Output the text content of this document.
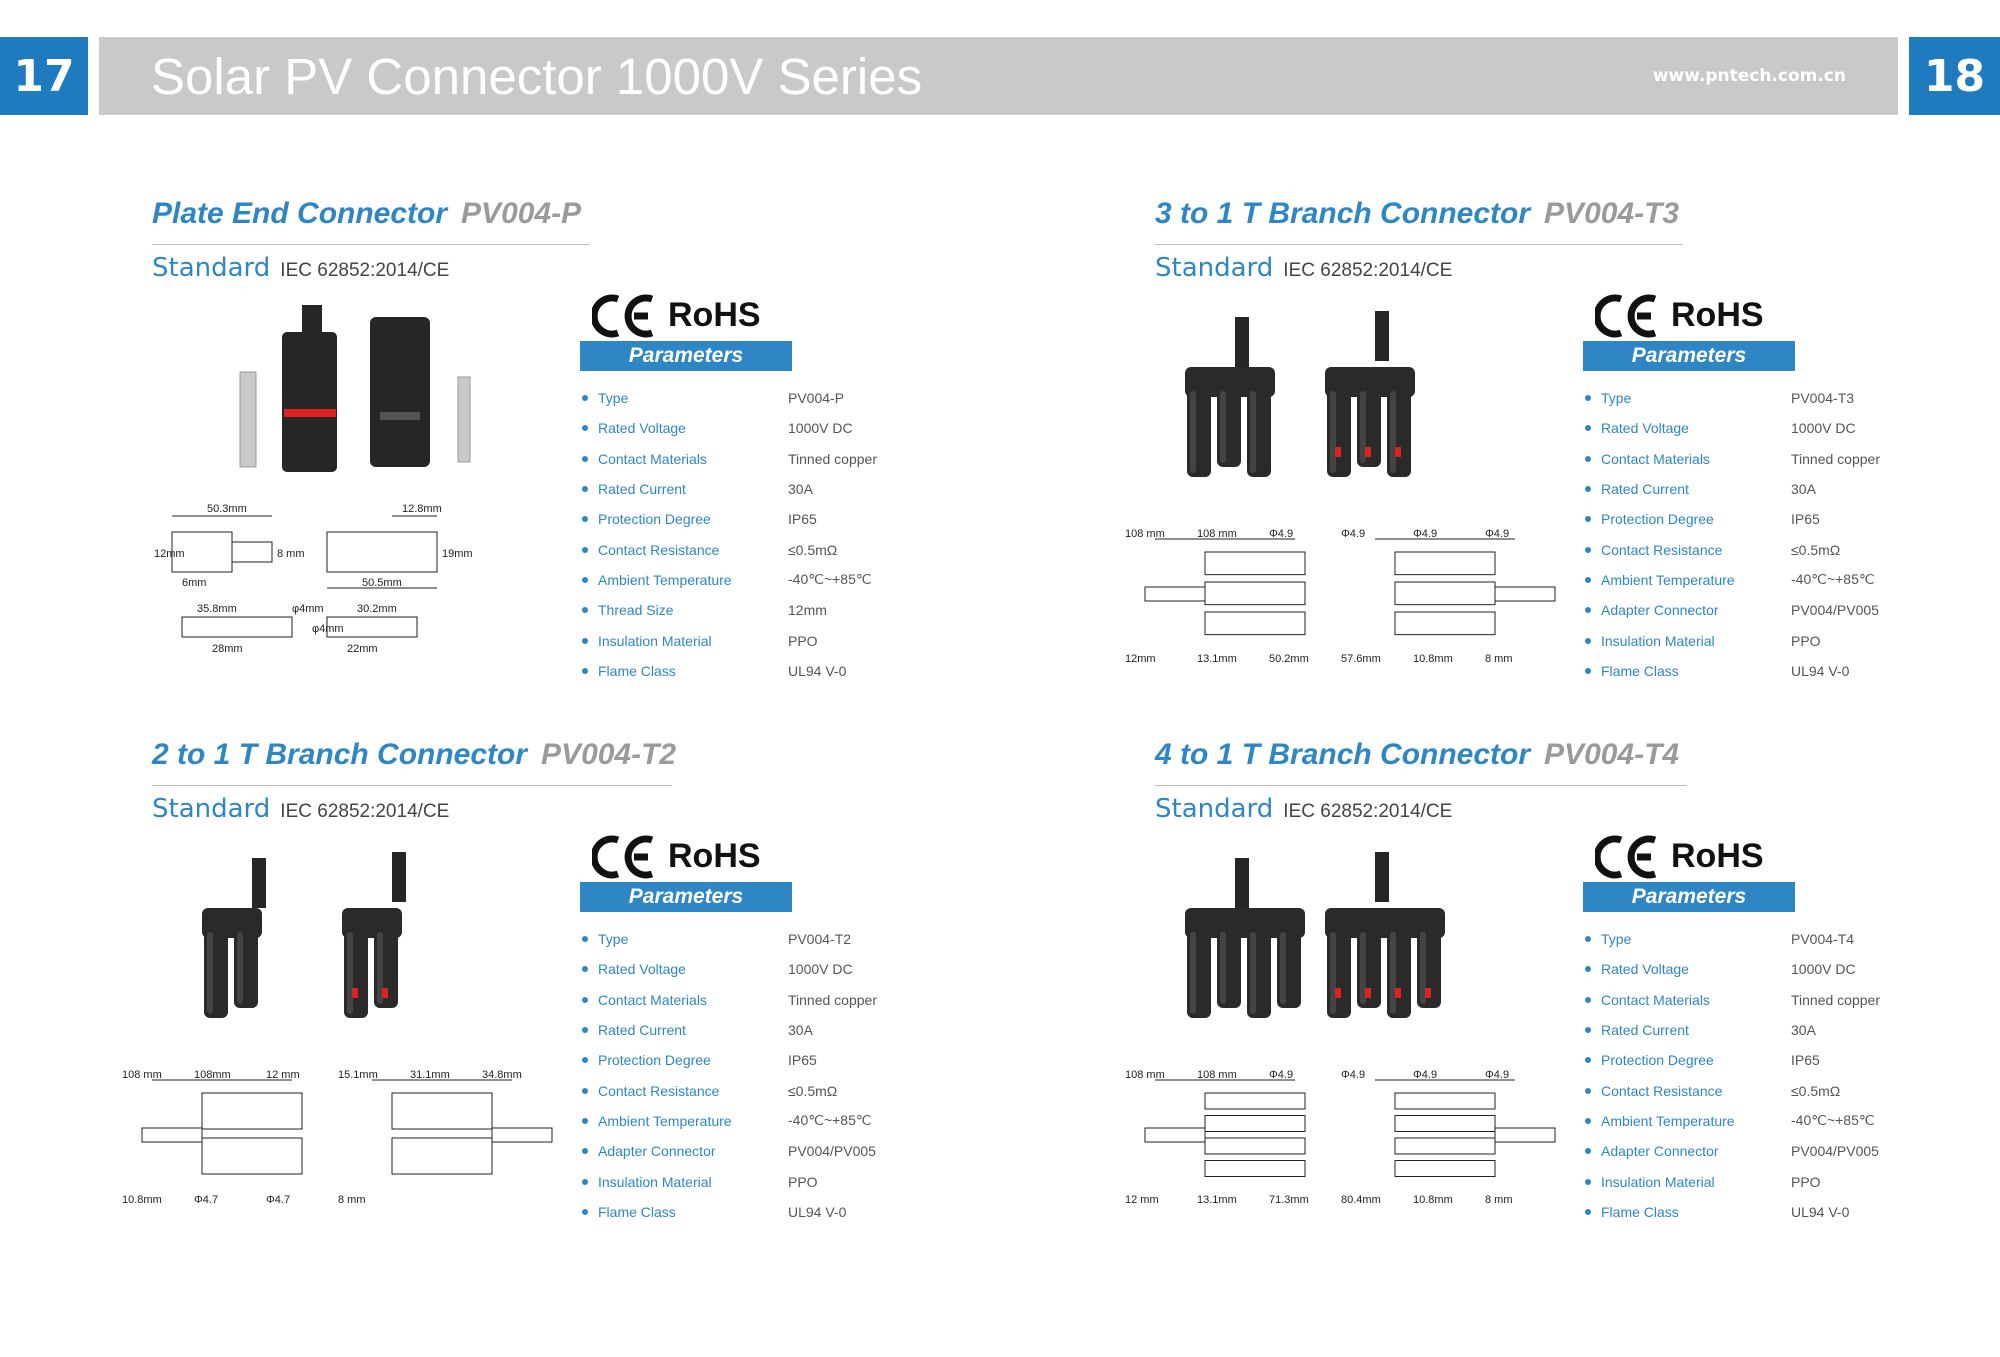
17 Solar PV Connector 1000V Series	www.pntech.com.cn	18
Plate End Connector PV004-P
Standard IEC 62852:2014/CE
RoHS
Parameters
Type	PV004-P
Rated Voltage	1000V DC
Contact Materials	Tinned copper
Rated Current	30A
Protection Degree	IP65
Contact Resistance	≤0.5mΩ
Ambient Temperature	-40℃~+85℃
Thread Size	12mm
Insulation Material	PPO
Flame Class	UL94 V-0
50.3mm	12.8mm
12mm	8 mm	19mm
6mm	50.5mm
35.8mm	30.2mm
28mm	22mm
φ4mm
φ4mm
3 to 1 T Branch Connector PV004-T3
Standard IEC 62852:2014/CE
RoHS
Parameters
Type	PV004-T3
Rated Voltage	1000V DC
Contact Materials	Tinned copper
Rated Current	30A
Protection Degree	IP65
Contact Resistance	≤0.5mΩ
Ambient Temperature	-40℃~+85℃
Adapter Connector	PV004/PV005
Insulation Material	PPO
Flame Class	UL94 V-0
108 mm	108 mm	Φ4.9	Φ4.9	Φ4.9	Φ4.9
12mm	13.1mm	50.2mm	57.6mm	10.8mm	8 mm
2 to 1 T Branch Connector PV004-T2
Standard IEC 62852:2014/CE
RoHS
Parameters
Type	PV004-T2
Rated Voltage	1000V DC
Contact Materials	Tinned copper
Rated Current	30A
Protection Degree	IP65
Contact Resistance	≤0.5mΩ
Ambient Temperature	-40℃~+85℃
Adapter Connector	PV004/PV005
Insulation Material	PPO
Flame Class	UL94 V-0
108 mm	108mm	12 mm	15.1mm	31.1mm	34.8mm
10.8mm	Φ4.7	Φ4.7	8 mm
4 to 1 T Branch Connector PV004-T4
Standard IEC 62852:2014/CE
RoHS
Parameters
Type	PV004-T4
Rated Voltage	1000V DC
Contact Materials	Tinned copper
Rated Current	30A
Protection Degree	IP65
Contact Resistance	≤0.5mΩ
Ambient Temperature	-40℃~+85℃
Adapter Connector	PV004/PV005
Insulation Material	PPO
Flame Class	UL94 V-0
108 mm	108 mm	Φ4.9	Φ4.9	Φ4.9	Φ4.9
12 mm	13.1mm	71.3mm	80.4mm	10.8mm	8 mm
